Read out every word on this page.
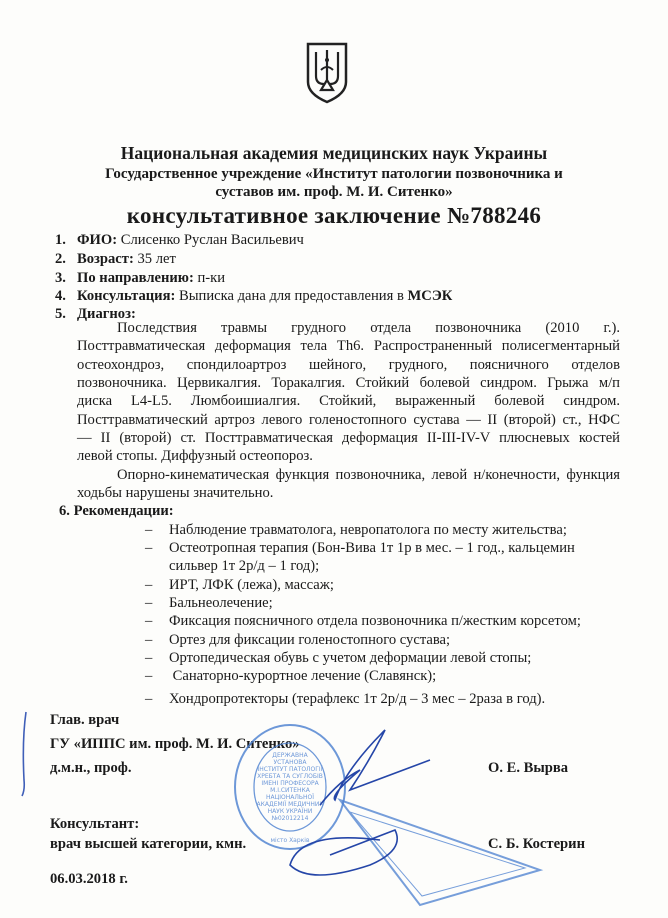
Национальная академия медицинских наук Украины
Государственное учреждение «Институт патологии позвоночника и
суставов им. проф. М. И. Ситенко»
консультативное заключение №788246
1. ФИО: Слисенко Руслан Васильевич
2. Возраст: 35 лет
3. По направлению: п-ки
4. Консультация: Выписка дана для предоставления в МСЭК
5. Диагноз:
Последствия травмы грудного отдела позвоночника (2010 г.).
Посттравматическая деформация тела Th6. Распространенный полисегментарный
остеохондроз, спондилоартроз шейного, грудного, поясничного отделов
позвоночника. Цервикалгия. Торакалгия. Стойкий болевой синдром. Грыжа м/п
диска L4-L5. Люмбоишиалгия. Стойкий, выраженный болевой синдром.
Посттравматический артроз левого голеностопного сустава — II (второй) ст., НФС
— II (второй) ст. Посттравматическая деформация II-III-IV-V плюсневых костей
левой стопы. Диффузный остеопороз.
Опорно-кинематическая функция позвоночника, левой н/конечности, функция
ходьбы нарушены значительно.
6. Рекомендации:
– Наблюдение травматолога, невропатолога по месту жительства;
– Остеотропная терапия (Бон-Вива 1т 1р в мес. – 1 год., кальцемин
сильвер 1т 2р/д – 1 год);
– ИРТ, ЛФК (лежа), массаж;
– Бальнеолечение;
– Фиксация поясничного отдела позвоночника п/жестким корсетом;
– Ортез для фиксации голеностопного сустава;
– Ортопедическая обувь с учетом деформации левой стопы;
– Санаторно-курортное лечение (Славянск);
– Хондропротекторы (терафлекс 1т 2р/д – 3 мес – 2раза в год).
Глав. врач
ГУ «ИППС им. проф. М. И. Ситенко»
д.м.н., проф.	О. Е. Вырва
Консультант:
врач высшей категории, кмн.	С. Б. Костерин
06.03.2018 г.
ДЕРЖАВНА
УСТАНОВА
ІНСТИТУТ ПАТОЛОГІЇ
ХРЕБТА ТА СУГЛОБІВ
ІМЕНІ ПРОФЕСОРА
М.І.СИТЕНКА
НАЦІОНАЛЬНОЇ
АКАДЕМІЇ МЕДИЧНИХ
НАУК УКРАЇНИ
№02012214
місто Харків
